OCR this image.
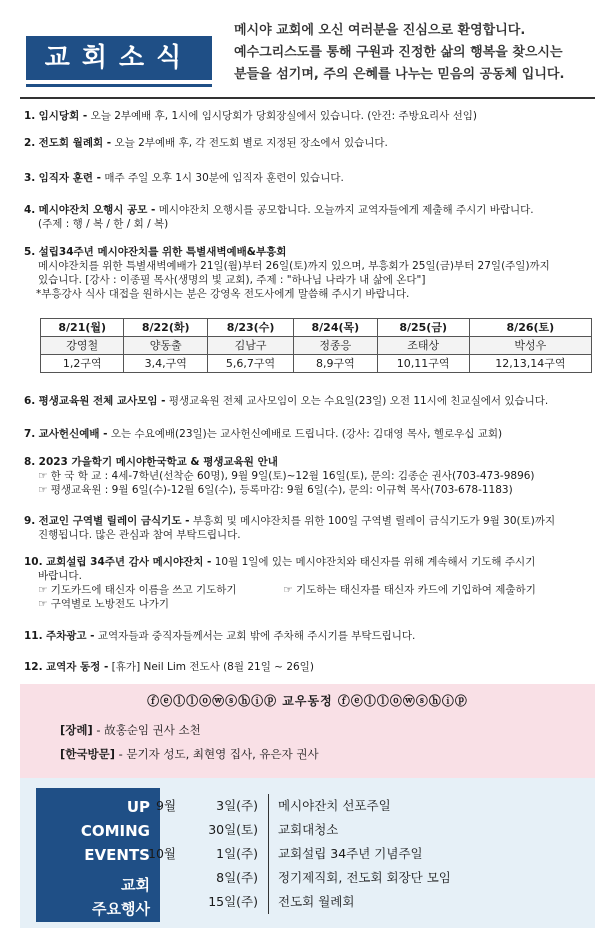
교회소식
메시야 교회에 오신 여러분을 진심으로 환영합니다.
예수그리스도를 통해 구원과 진정한 삶의 행복을 찾으시는
분들을 섬기며, 주의 은혜를 나누는 믿음의 공동체 입니다.
1. 임시당회 - 오늘 2부예배 후, 1시에 임시당회가 당회장실에서 있습니다. (안건: 주방요리사 선임)
2. 전도회 월례회 - 오늘 2부예배 후, 각 전도회 별로 지정된 장소에서 있습니다.
3. 임직자 훈련 - 매주 주일 오후 1시 30분에 임직자 훈련이 있습니다.
4. 메시야잔치 오행시 공모 - 메시야잔치 오행시를 공모합니다. 오늘까지 교역자들에게 제출해 주시기 바랍니다.
(주제 : 행 / 복 / 한 / 회 / 복)
5. 설립34주년 메시야잔치를 위한 특별새벽예배&부흥회
메시야잔치를 위한 특별새벽예배가 21일(월)부터 26일(토)까지 있으며, 부흥회가 25일(금)부터 27일(주일)까지
있습니다. [강사 : 이종필 목사(생명의 빛 교회), 주제 : "하나님 나라가 내 삶에 온다"]
*부흥강사 식사 대접을 원하시는 분은 강영옥 전도사에게 말씀해 주시기 바랍니다.
8/21(월)	8/22(화)	8/23(수)	8/24(목)	8/25(금)	8/26(토)
강영철	양동출	김남구	정종응	조태상	박성우
1,2구역	3,4,구역	5,6,7구역	8,9구역	10,11구역	12,13,14구역
6. 평생교육원 전체 교사모임 - 평생교육원 전체 교사모임이 오는 수요일(23일) 오전 11시에 친교실에서 있습니다.
7. 교사헌신예배 - 오는 수요예배(23일)는 교사헌신예배로 드립니다. (강사: 김대영 목사, 헬로우십 교회)
8. 2023 가을학기 메시야한국학교 & 평생교육원 안내
☞ 한 국 학 교 : 4세-7학년(선착순 60명), 9월 9일(토)~12월 16일(토), 문의: 김종순 권사(703-473-9896)
☞ 평생교육원 : 9월 6일(수)-12월 6일(수), 등록마감: 9월 6일(수), 문의: 이규혁 목사(703-678-1183)
9. 전교인 구역별 릴레이 금식기도 - 부흥회 및 메시야잔치를 위한 100일 구역별 릴레이 금식기도가 9월 30(토)까지
진행됩니다. 많은 관심과 참여 부탁드립니다.
10. 교회설립 34주년 감사 메시야잔치 - 10월 1일에 있는 메시야잔치와 태신자를 위해 계속해서 기도해 주시기
바랍니다.
☞ 기도카드에 태신자 이름을 쓰고 기도하기              ☞ 기도하는 태신자를 태신자 카드에 기입하여 제출하기
☞ 구역별로 노방전도 나가기
11. 주차광고 - 교역자들과 중직자들께서는 교회 밖에 주차해 주시기를 부탁드립니다.
12. 교역자 동정 - [휴가] Neil Lim 전도사 (8월 21일 ~ 26일)
ⓕⓔⓛⓛⓞⓦⓢⓗⓘⓟ 교우동정 ⓕⓔⓛⓛⓞⓦⓢⓗⓘⓟ
[장례] - 故홍순임 권사 소천
[한국방문] - 문기자 성도, 최현영 집사, 유은자 권사
UP
COMING
EVENTS
교회
주요행사
9월	3일(주) 메시야잔치 선포주일
30일(토) 교회대청소
10월	1일(주) 교회설립 34주년 기념주일
8일(주) 정기제직회, 전도회 회장단 모임
15일(주) 전도회 월례회
